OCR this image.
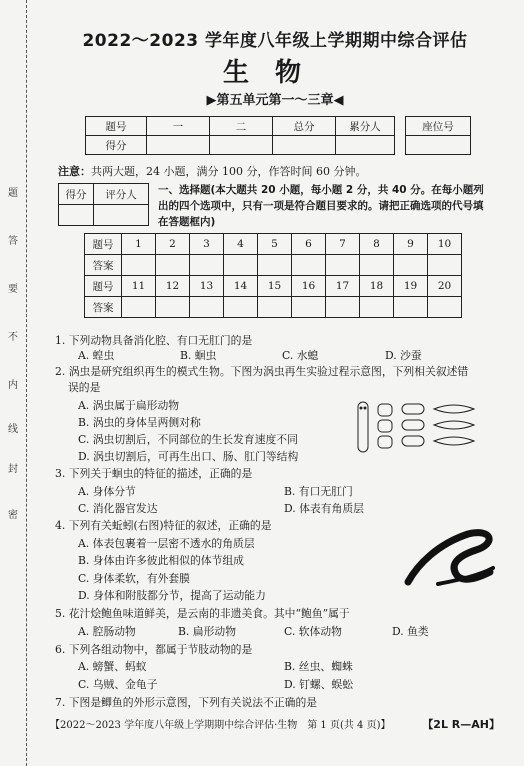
题
答
要
不
内
线
封
密
2022～2023 学年度八年级上学期期中综合评估
生物
▶第五单元第一～三章◀
题号	一	二	总分	累分人
得分				
座位号

注意：共两大题，24 小题，满分 100 分，作答时间 60 分钟。
得分	评分人
	一、选择题(本大题共 20 小题，每小题 2 分，共 40 分。在每小题列出的四个选项中，只有一项是符合题目要求的。请把正确选项的代号填在答题框内)
题号	1	2	3	4	5	6	7	8	9	10
答案										
题号	11	12	13	14	15	16	17	18	19	20
答案										
1. 下列动物具备消化腔、有口无肛门的是
A. 蝗虫	B. 蛔虫	C. 水螅	D. 沙蚕
2. 涡虫是研究组织再生的模式生物。下图为涡虫再生实验过程示意图，下列相关叙述错
误的是
A. 涡虫属于扁形动物
B. 涡虫的身体呈两侧对称
C. 涡虫切割后，不同部位的生长发育速度不同
D. 涡虫切割后，可再生出口、肠、肛门等结构
3. 下列关于蛔虫的特征的描述，正确的是
A. 身体分节	B. 有口无肛门
C. 消化器官发达	D. 体表有角质层
4. 下列有关蚯蚓(右图)特征的叙述，正确的是
A. 体表包裹着一层密不透水的角质层
B. 身体由许多彼此相似的体节组成
C. 身体柔软，有外套膜
D. 身体和附肢都分节，提高了运动能力
5. 花汁烩鲍鱼味道鲜美，是云南的非遗美食。其中“鲍鱼”属于
A. 腔肠动物	B. 扁形动物	C. 软体动物	D. 鱼类
6. 下列各组动物中，都属于节肢动物的是
A. 螃蟹、蚂蚁	B. 丝虫、蜘蛛
C. 乌贼、金龟子	D. 钉螺、蜈蚣
7. 下图是鲫鱼的外形示意图，下列有关说法不正确的是
【2022～2023 学年度八年级上学期期中综合评估·生物　第 1 页(共 4 页)】	【2L R—AH】
